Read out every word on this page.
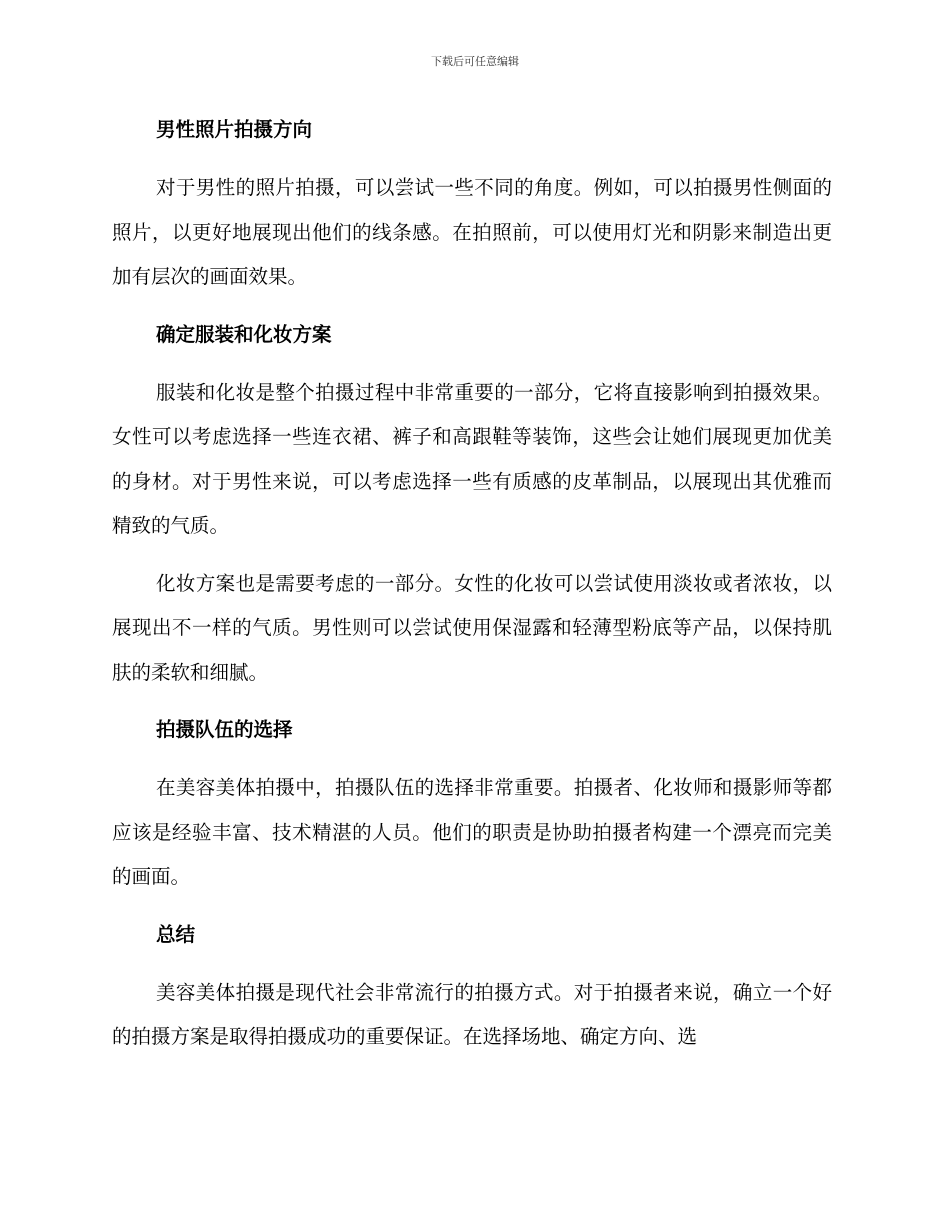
下载后可任意编辑
男性照片拍摄方向

对于男性的照片拍摄，可以尝试一些不同的角度。例如，可以拍摄男性侧面的照片，以更好地展现出他们的线条感。在拍照前，可以使用灯光和阴影来制造出更加有层次的画面效果。

确定服装和化妆方案

服装和化妆是整个拍摄过程中非常重要的一部分，它将直接影响到拍摄效果。女性可以考虑选择一些连衣裙、裤子和高跟鞋等装饰，这些会让她们展现更加优美的身材。对于男性来说，可以考虑选择一些有质感的皮革制品，以展现出其优雅而精致的气质。

化妆方案也是需要考虑的一部分。女性的化妆可以尝试使用淡妆或者浓妆，以展现出不一样的气质。男性则可以尝试使用保湿露和轻薄型粉底等产品，以保持肌肤的柔软和细腻。

拍摄队伍的选择

在美容美体拍摄中，拍摄队伍的选择非常重要。拍摄者、化妆师和摄影师等都应该是经验丰富、技术精湛的人员。他们的职责是协助拍摄者构建一个漂亮而完美的画面。

总结

美容美体拍摄是现代社会非常流行的拍摄方式。对于拍摄者来说，确立一个好的拍摄方案是取得拍摄成功的重要保证。在选择场地、确定方向、选
